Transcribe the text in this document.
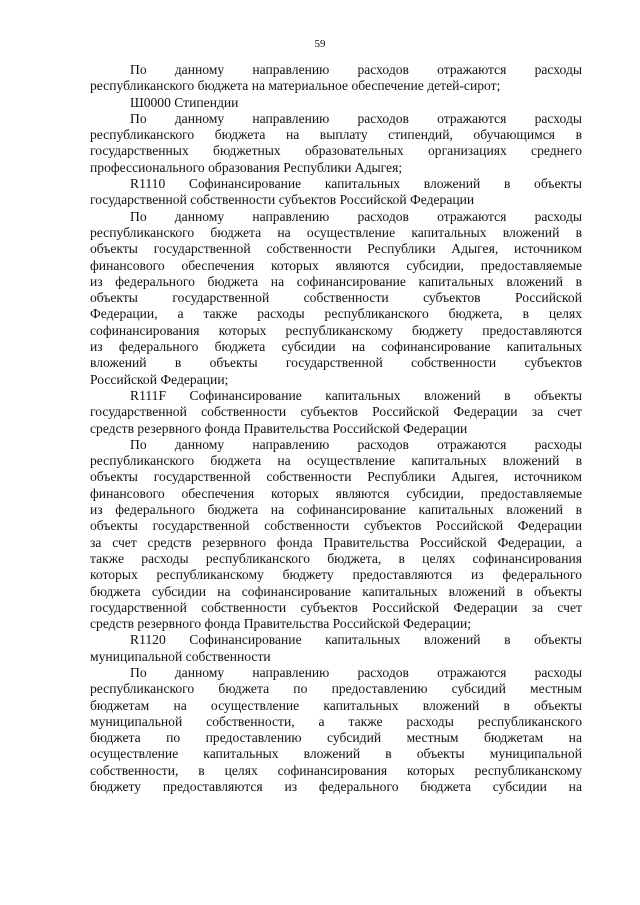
59
По данному направлению расходов отражаются расходы
республиканского бюджета на материальное обеспечение детей-сирот;
Ш0000 Стипендии
По данному направлению расходов отражаются расходы
республиканского бюджета на выплату стипендий, обучающимся в
государственных бюджетных образовательных организациях среднего
профессионального образования Республики Адыгея;
R1110 Софинансирование капитальных вложений в объекты
государственной собственности субъектов Российской Федерации
По данному направлению расходов отражаются расходы
республиканского бюджета на осуществление капитальных вложений в
объекты государственной собственности Республики Адыгея, источником
финансового обеспечения которых являются субсидии, предоставляемые
из федерального бюджета на софинансирование капитальных вложений в
объекты государственной собственности субъектов Российской
Федерации, а также расходы республиканского бюджета, в целях
софинансирования которых республиканскому бюджету предоставляются
из федерального бюджета субсидии на софинансирование капитальных
вложений в объекты государственной собственности субъектов
Российской Федерации;
R111F Софинансирование капитальных вложений в объекты
государственной собственности субъектов Российской Федерации за счет
средств резервного фонда Правительства Российской Федерации
По данному направлению расходов отражаются расходы
республиканского бюджета на осуществление капитальных вложений в
объекты государственной собственности Республики Адыгея, источником
финансового обеспечения которых являются субсидии, предоставляемые
из федерального бюджета на софинансирование капитальных вложений в
объекты государственной собственности субъектов Российской Федерации
за счет средств резервного фонда Правительства Российской Федерации, а
также расходы республиканского бюджета, в целях софинансирования
которых республиканскому бюджету предоставляются из федерального
бюджета субсидии на софинансирование капитальных вложений в объекты
государственной собственности субъектов Российской Федерации за счет
средств резервного фонда Правительства Российской Федерации;
R1120 Софинансирование капитальных вложений в объекты
муниципальной собственности
По данному направлению расходов отражаются расходы
республиканского бюджета по предоставлению субсидий местным
бюджетам на осуществление капитальных вложений в объекты
муниципальной собственности, а также расходы республиканского
бюджета по предоставлению субсидий местным бюджетам на
осуществление капитальных вложений в объекты муниципальной
собственности, в целях софинансирования которых республиканскому
бюджету предоставляются из федерального бюджета субсидии на
